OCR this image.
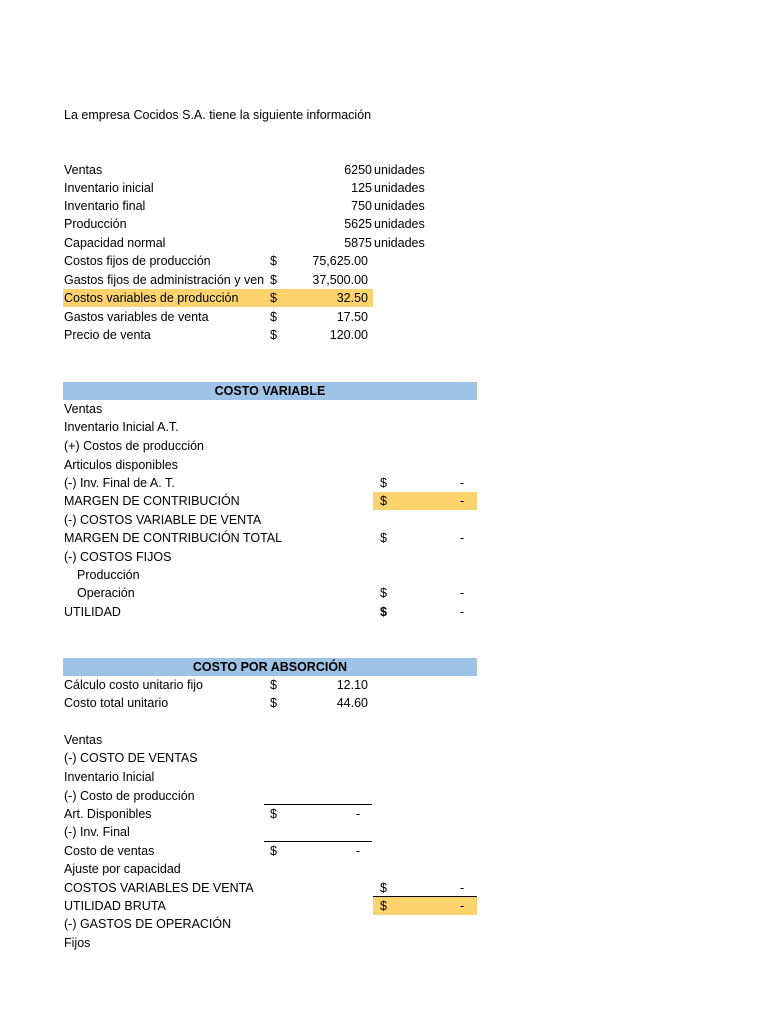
La empresa Cocidos S.A. tiene la siguiente información
Ventas	6250 unidades
Inventario inicial	125 unidades
Inventario final	750 unidades
Producción	5625 unidades
Capacidad normal	5875 unidades
Costos fijos de producción	$	75,625.00
Gastos fijos de administración y ven $	37,500.00
Costos variables de producción	$	32.50
Gastos variables de venta	$	17.50
Precio de venta	$	120.00
COSTO VARIABLE
Ventas
Inventario Inicial A.T.
(+) Costos de producción
Articulos disponibles
(-) Inv. Final de A. T.	$	-
MARGEN DE CONTRIBUCIÓN	$	-
(-) COSTOS VARIABLE DE VENTA
MARGEN DE CONTRIBUCIÓN TOTAL	$	-
(-) COSTOS FIJOS
Producción
Operación	$	-
UTILIDAD	$	-
COSTO POR ABSORCIÓN
Cálculo costo unitario fijo	$	12.10
Costo total unitario	$	44.60
Ventas
(-) COSTO DE VENTAS
Inventario Inicial
(-) Costo de producción
Art. Disponibles	$	-
(-) Inv. Final
Costo de ventas	$	-
Ajuste por capacidad
COSTOS VARIABLES DE VENTA	$	-
UTILIDAD BRUTA	$	-
(-) GASTOS DE OPERACIÓN
Fijos
